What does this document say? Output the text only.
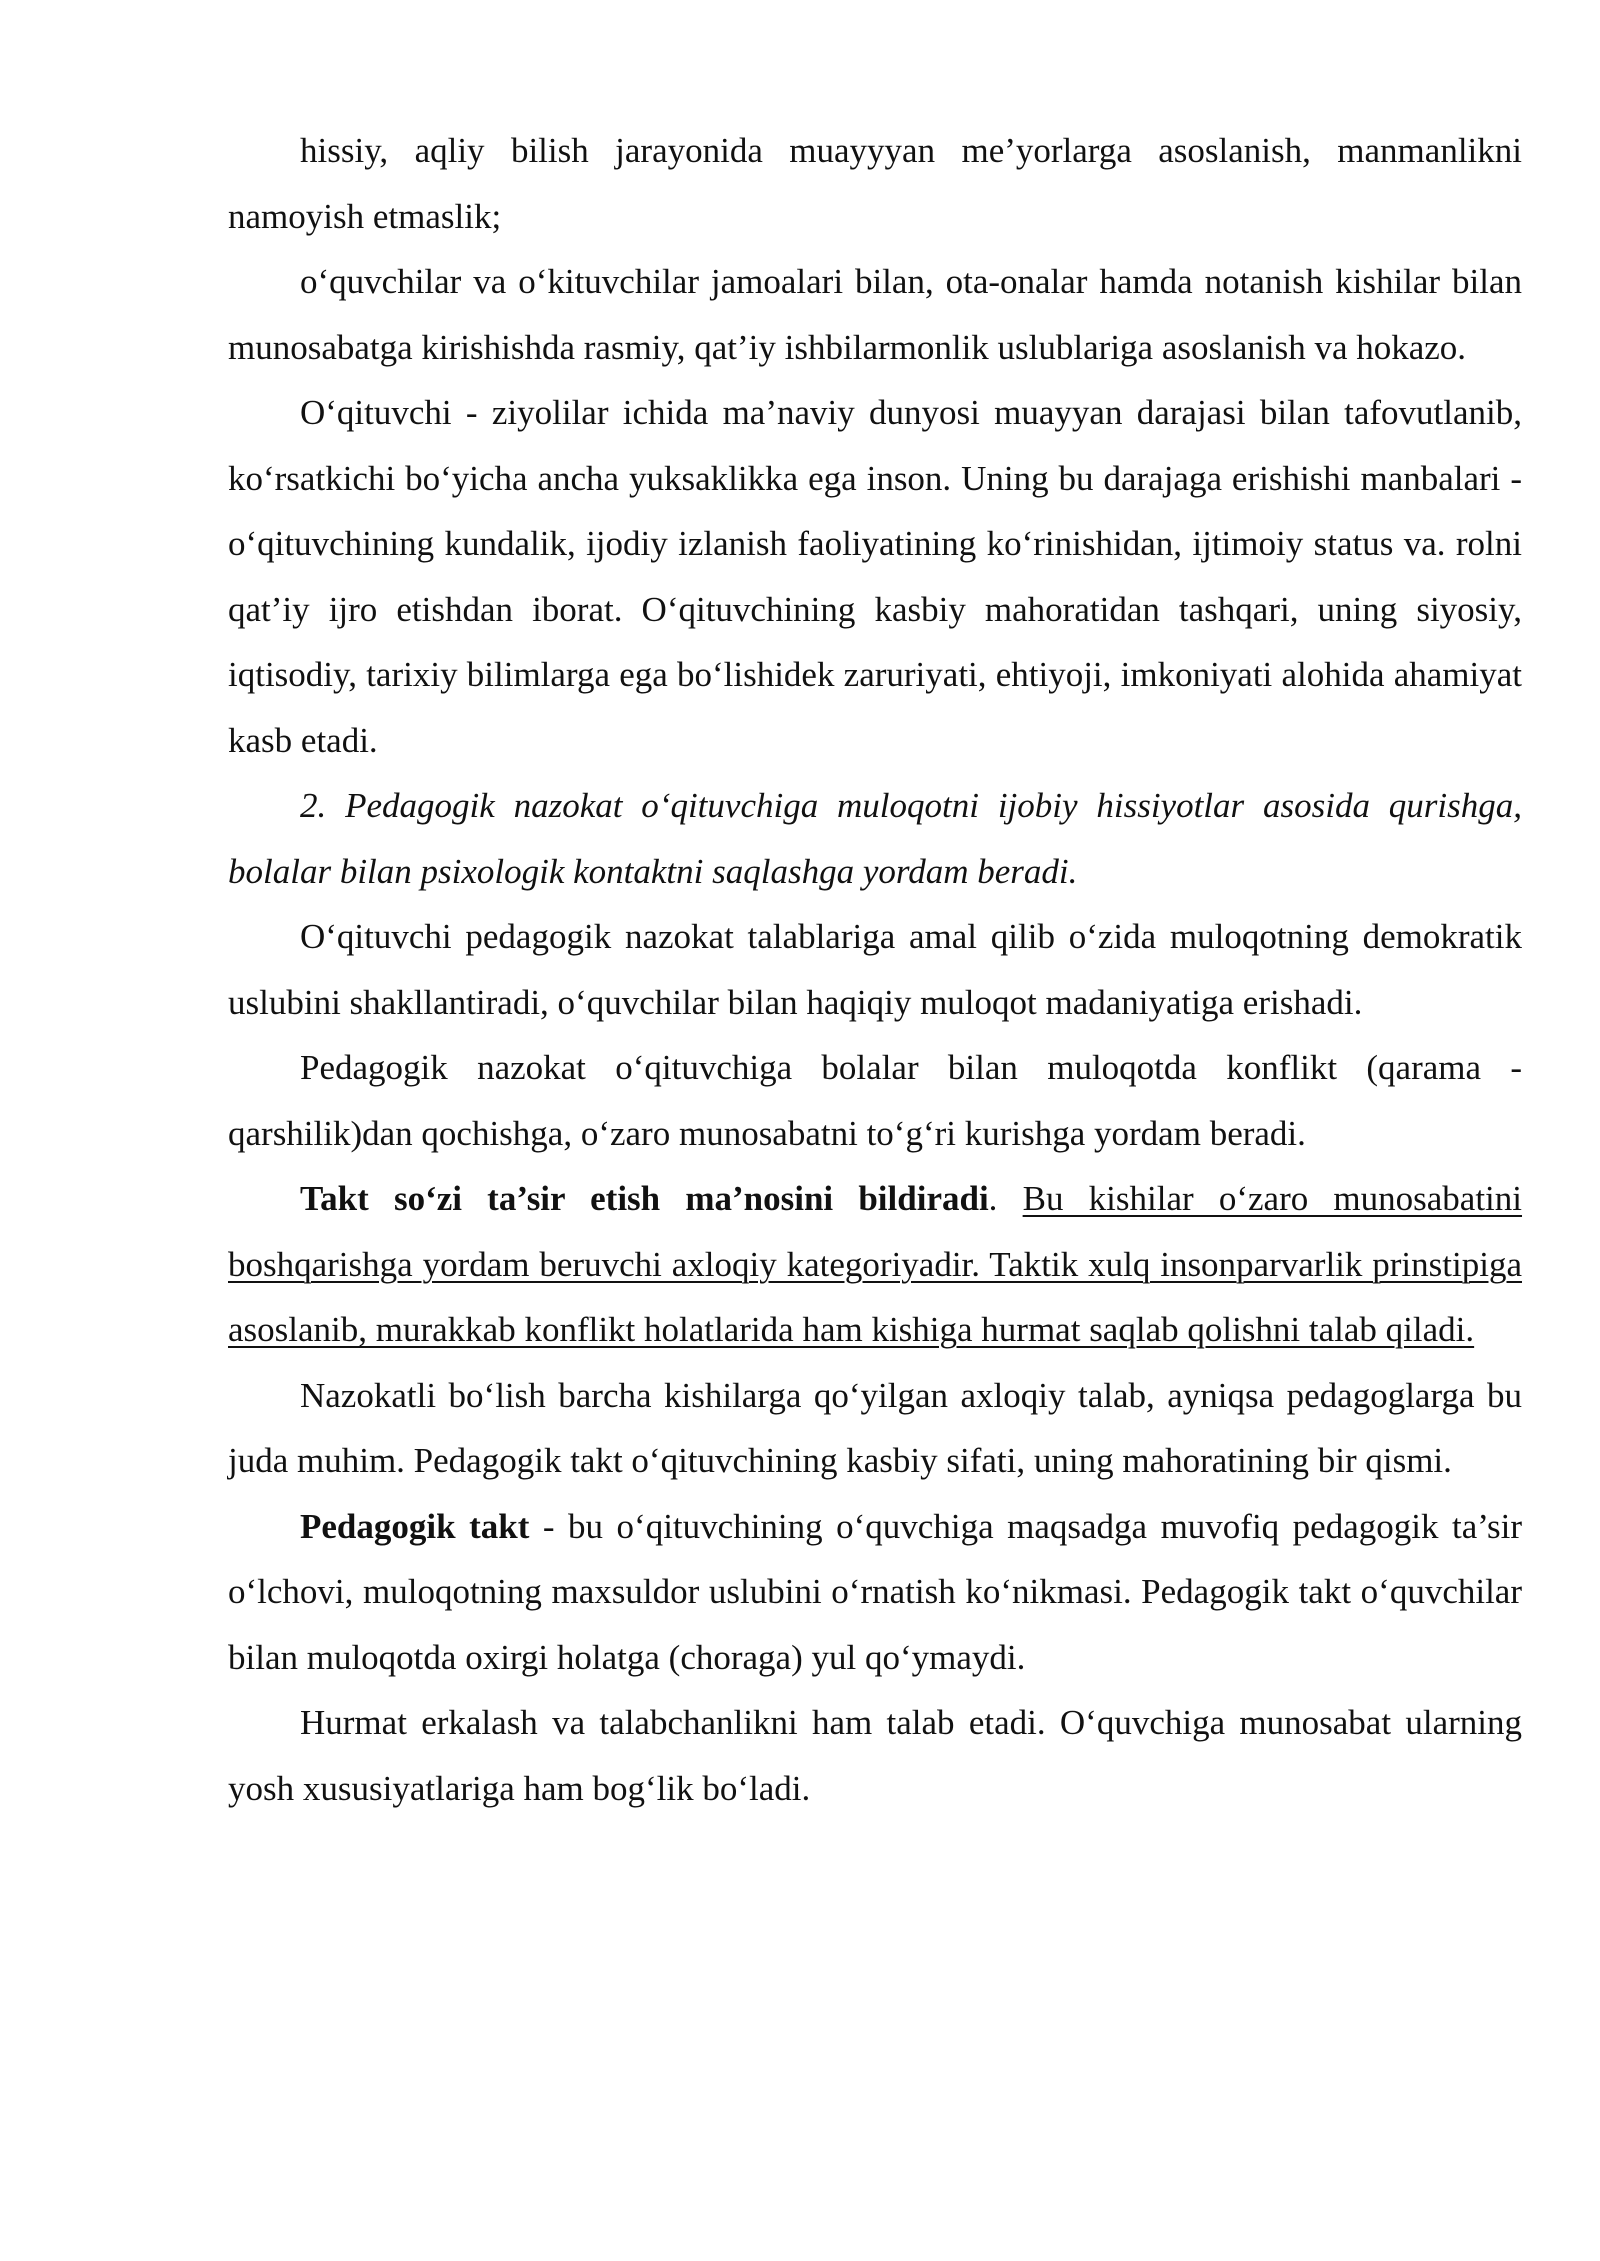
hissiy, aqliy bilish jarayonida muayyyan me’yorlarga asoslanish, manmanlikni namoyish etmaslik;

o‘quvchilar va o‘kituvchilar jamoalari bilan, ota-onalar hamda notanish kishilar bilan munosabatga kirishishda rasmiy, qat’iy ishbilarmonlik uslublariga asoslanish va hokazo.

O‘qituvchi - ziyolilar ichida ma’naviy dunyosi muayyan darajasi bilan tafovutlanib, ko‘rsatkichi bo‘yicha ancha yuksaklikka ega inson. Uning bu darajaga erishishi manbalari - o‘qituvchining kundalik, ijodiy izlanish faoliyatining ko‘rinishidan, ijtimoiy status va. rolni qat’iy ijro etishdan iborat. O‘qituvchining kasbiy mahoratidan tashqari, uning siyosiy, iqtisodiy, tarixiy bilimlarga ega bo‘lishidek zaruriyati, ehtiyoji, imkoniyati alohida ahamiyat kasb etadi.

2. Pedagogik nazokat o‘qituvchiga muloqotni ijobiy hissiyotlar asosida qurishga, bolalar bilan psixologik kontaktni saqlashga yordam beradi.

O‘qituvchi pedagogik nazokat talablariga amal qilib o‘zida muloqotning demokratik uslubini shakllantiradi, o‘quvchilar bilan haqiqiy muloqot madaniyatiga erishadi.

Pedagogik nazokat o‘qituvchiga bolalar bilan muloqotda konflikt (qarama - qarshilik)dan qochishga, o‘zaro munosabatni to‘g‘ri kurishga yordam beradi.

Takt so‘zi ta’sir etish ma’nosini bildiradi. Bu kishilar o‘zaro munosabatini boshqarishga yordam beruvchi axloqiy kategoriyadir. Taktik xulq insonparvarlik prinstipiga asoslanib, murakkab konflikt holatlarida ham kishiga hurmat saqlab qolishni talab qiladi.

Nazokatli bo‘lish barcha kishilarga qo‘yilgan axloqiy talab, ayniqsa pedagoglarga bu juda muhim. Pedagogik takt o‘qituvchining kasbiy sifati, uning mahoratining bir qismi.

Pedagogik takt - bu o‘qituvchining o‘quvchiga maqsadga muvofiq pedagogik ta’sir o‘lchovi, muloqotning maxsuldor uslubini o‘rnatish ko‘nikmasi. Pedagogik takt o‘quvchilar bilan muloqotda oxirgi holatga (choraga) yul qo‘ymaydi.

Hurmat erkalash va talabchanlikni ham talab etadi. O‘quvchiga munosabat ularning yosh xususiyatlariga ham bog‘lik bo‘ladi.
